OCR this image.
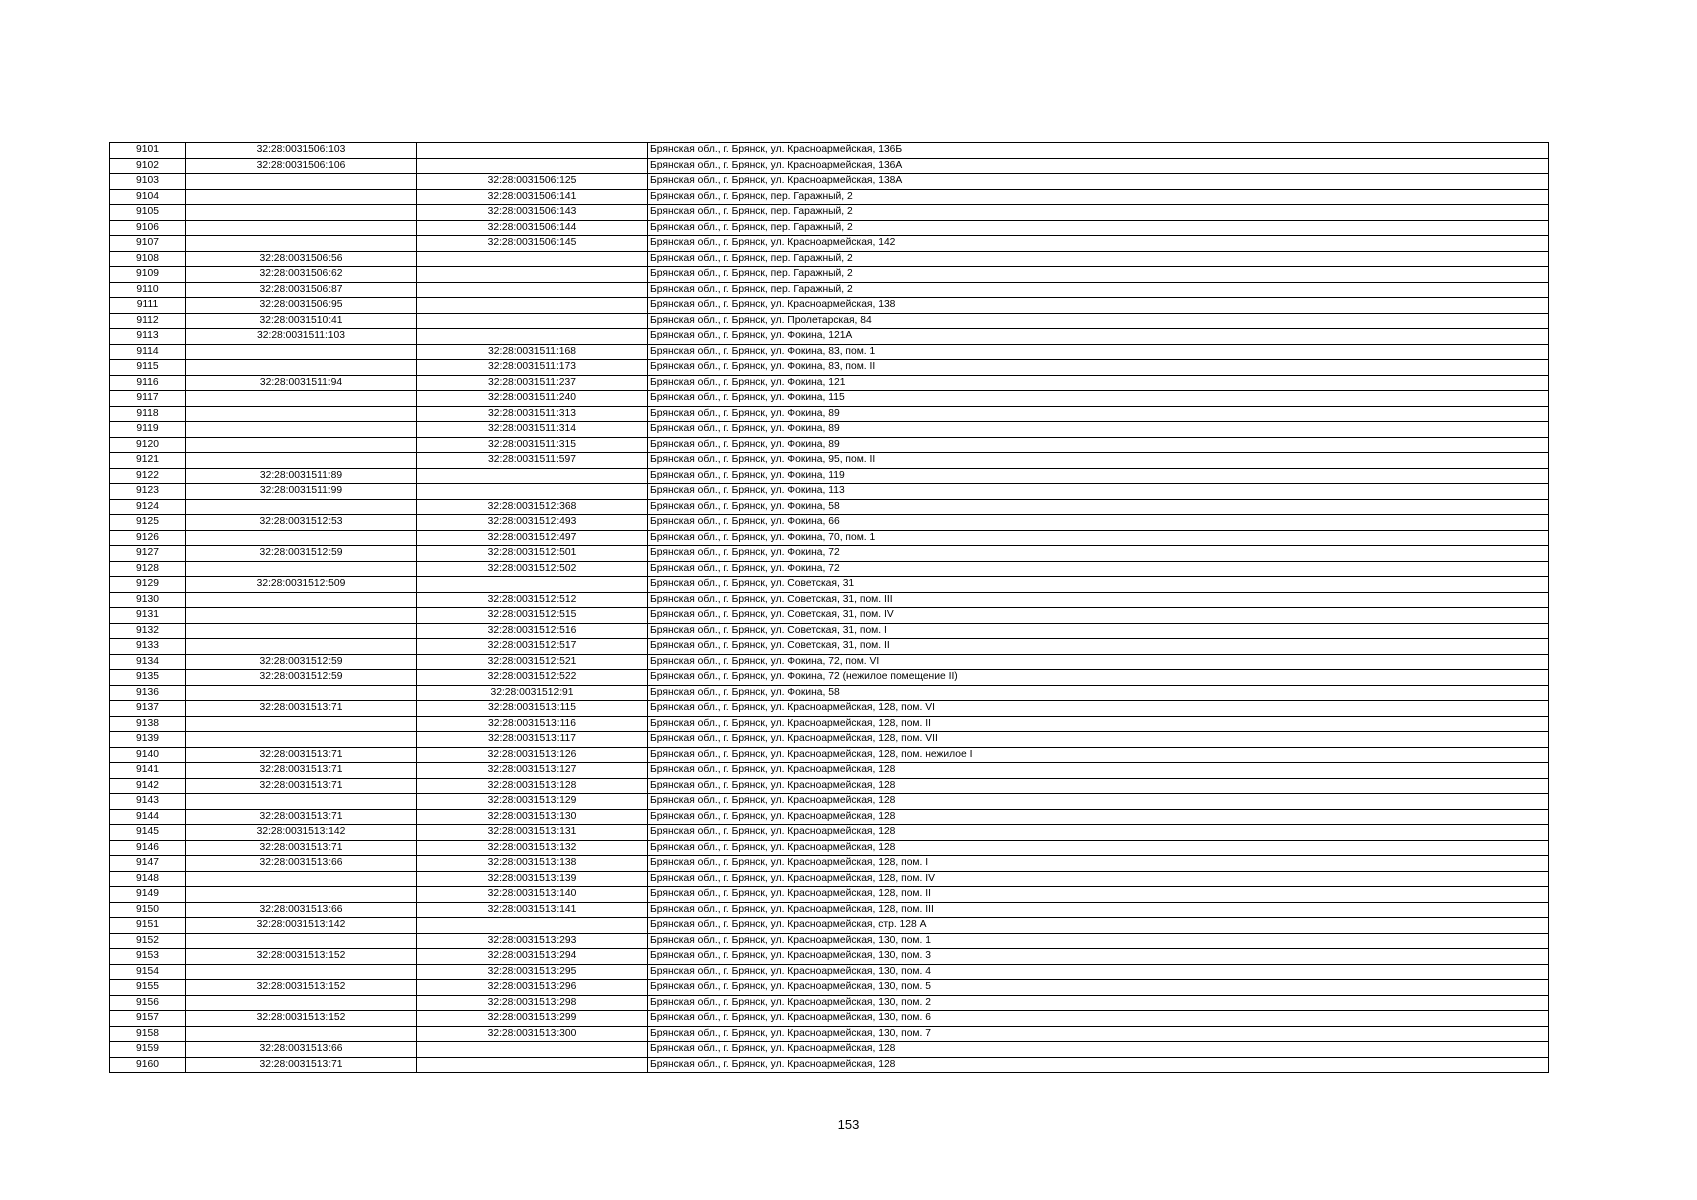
9101	32:28:0031506:103		Брянская обл., г. Брянск, ул. Красноармейская, 136Б
9102	32:28:0031506:106		Брянская обл., г. Брянск, ул. Красноармейская, 136А
9103		32:28:0031506:125	Брянская обл., г. Брянск, ул. Красноармейская, 138А
9104		32:28:0031506:141	Брянская обл., г. Брянск, пер. Гаражный, 2
9105		32:28:0031506:143	Брянская обл., г. Брянск, пер. Гаражный, 2
9106		32:28:0031506:144	Брянская обл., г. Брянск, пер. Гаражный, 2
9107		32:28:0031506:145	Брянская обл., г. Брянск, ул. Красноармейская, 142
9108	32:28:0031506:56		Брянская обл., г. Брянск, пер. Гаражный, 2
9109	32:28:0031506:62		Брянская обл., г. Брянск, пер. Гаражный, 2
9110	32:28:0031506:87		Брянская обл., г. Брянск, пер. Гаражный, 2
9111	32:28:0031506:95		Брянская обл., г. Брянск, ул. Красноармейская, 138
9112	32:28:0031510:41		Брянская обл., г. Брянск, ул. Пролетарская, 84
9113	32:28:0031511:103		Брянская обл., г. Брянск, ул. Фокина, 121А
9114		32:28:0031511:168	Брянская обл., г. Брянск, ул. Фокина, 83, пом. 1
9115		32:28:0031511:173	Брянская обл., г. Брянск, ул. Фокина, 83, пом. II
9116	32:28:0031511:94	32:28:0031511:237	Брянская обл., г. Брянск, ул. Фокина, 121
9117		32:28:0031511:240	Брянская обл., г. Брянск, ул. Фокина, 115
9118		32:28:0031511:313	Брянская обл., г. Брянск, ул. Фокина, 89
9119		32:28:0031511:314	Брянская обл., г. Брянск, ул. Фокина, 89
9120		32:28:0031511:315	Брянская обл., г. Брянск, ул. Фокина, 89
9121		32:28:0031511:597	Брянская обл., г. Брянск, ул. Фокина, 95, пом. II
9122	32:28:0031511:89		Брянская обл., г. Брянск, ул. Фокина, 119
9123	32:28:0031511:99		Брянская обл., г. Брянск, ул. Фокина, 113
9124		32:28:0031512:368	Брянская обл., г. Брянск, ул. Фокина, 58
9125	32:28:0031512:53	32:28:0031512:493	Брянская обл., г. Брянск, ул. Фокина, 66
9126		32:28:0031512:497	Брянская обл., г. Брянск, ул. Фокина, 70, пом. 1
9127	32:28:0031512:59	32:28:0031512:501	Брянская обл., г. Брянск, ул. Фокина, 72
9128		32:28:0031512:502	Брянская обл., г. Брянск, ул. Фокина, 72
9129	32:28:0031512:509		Брянская обл., г. Брянск, ул. Советская, 31
9130		32:28:0031512:512	Брянская обл., г. Брянск, ул. Советская, 31, пом. III
9131		32:28:0031512:515	Брянская обл., г. Брянск, ул. Советская, 31, пом. IV
9132		32:28:0031512:516	Брянская обл., г. Брянск, ул. Советская, 31, пом. I
9133		32:28:0031512:517	Брянская обл., г. Брянск, ул. Советская, 31, пом. II
9134	32:28:0031512:59	32:28:0031512:521	Брянская обл., г. Брянск, ул. Фокина, 72, пом. VI
9135	32:28:0031512:59	32:28:0031512:522	Брянская обл., г. Брянск, ул. Фокина, 72 (нежилое помещение II)
9136		32:28:0031512:91	Брянская обл., г. Брянск, ул. Фокина, 58
9137	32:28:0031513:71	32:28:0031513:115	Брянская обл., г. Брянск, ул. Красноармейская, 128, пом. VI
9138		32:28:0031513:116	Брянская обл., г. Брянск, ул. Красноармейская, 128, пом. II
9139		32:28:0031513:117	Брянская обл., г. Брянск, ул. Красноармейская, 128, пом. VII
9140	32:28:0031513:71	32:28:0031513:126	Брянская обл., г. Брянск, ул. Красноармейская, 128, пом. нежилое I
9141	32:28:0031513:71	32:28:0031513:127	Брянская обл., г. Брянск, ул. Красноармейская, 128
9142	32:28:0031513:71	32:28:0031513:128	Брянская обл., г. Брянск, ул. Красноармейская, 128
9143		32:28:0031513:129	Брянская обл., г. Брянск, ул. Красноармейская, 128
9144	32:28:0031513:71	32:28:0031513:130	Брянская обл., г. Брянск, ул. Красноармейская, 128
9145	32:28:0031513:142	32:28:0031513:131	Брянская обл., г. Брянск, ул. Красноармейская, 128
9146	32:28:0031513:71	32:28:0031513:132	Брянская обл., г. Брянск, ул. Красноармейская, 128
9147	32:28:0031513:66	32:28:0031513:138	Брянская обл., г. Брянск, ул. Красноармейская, 128, пом. I
9148		32:28:0031513:139	Брянская обл., г. Брянск, ул. Красноармейская, 128, пом. IV
9149		32:28:0031513:140	Брянская обл., г. Брянск, ул. Красноармейская, 128, пом. II
9150	32:28:0031513:66	32:28:0031513:141	Брянская обл., г. Брянск, ул. Красноармейская, 128, пом. III
9151	32:28:0031513:142		Брянская обл., г. Брянск, ул. Красноармейская, стр. 128 А
9152		32:28:0031513:293	Брянская обл., г. Брянск, ул. Красноармейская, 130, пом. 1
9153	32:28:0031513:152	32:28:0031513:294	Брянская обл., г. Брянск, ул. Красноармейская, 130, пом. 3
9154		32:28:0031513:295	Брянская обл., г. Брянск, ул. Красноармейская, 130, пом. 4
9155	32:28:0031513:152	32:28:0031513:296	Брянская обл., г. Брянск, ул. Красноармейская, 130, пом. 5
9156		32:28:0031513:298	Брянская обл., г. Брянск, ул. Красноармейская, 130, пом. 2
9157	32:28:0031513:152	32:28:0031513:299	Брянская обл., г. Брянск, ул. Красноармейская, 130, пом. 6
9158		32:28:0031513:300	Брянская обл., г. Брянск, ул. Красноармейская, 130, пом. 7
9159	32:28:0031513:66		Брянская обл., г. Брянск, ул. Красноармейская, 128
9160	32:28:0031513:71		Брянская обл., г. Брянск, ул. Красноармейская, 128
153
